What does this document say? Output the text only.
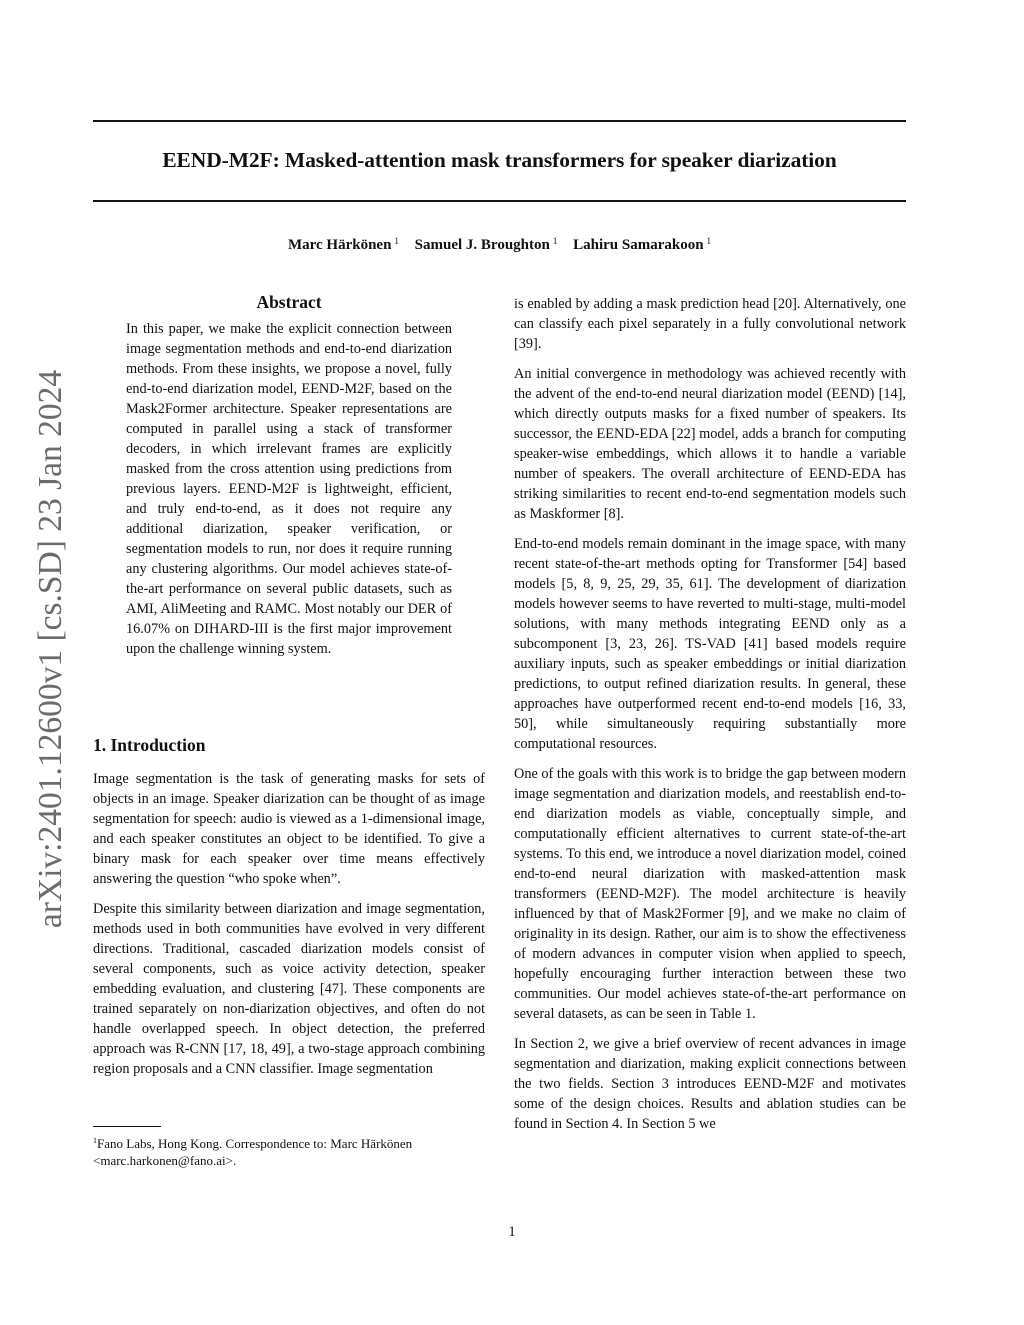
EEND-M2F: Masked-attention mask transformers for speaker diarization
Marc Härkönen $^1$ Samuel J. Broughton $^1$ Lahiru Samarakoon $^1$
arXiv:2401.12600v1 [cs.SD] 23 Jan 2024
Abstract

In this paper, we make the explicit connection between image segmentation methods and end-to-end diarization methods. From these insights, we propose a novel, fully end-to-end diarization model, EEND-M2F, based on the Mask2Former architecture. Speaker representations are computed in parallel using a stack of transformer decoders, in which irrelevant frames are explicitly masked from the cross attention using predictions from previous layers. EEND-M2F is lightweight, efficient, and truly end-to-end, as it does not require any additional diarization, speaker verification, or segmentation models to run, nor does it require running any clustering algorithms. Our model achieves state-of-the-art performance on several public datasets, such as AMI, AliMeeting and RAMC. Most notably our DER of 16.07% on DIHARD-III is the first major improvement upon the challenge winning system.

1. Introduction

Image segmentation is the task of generating masks for sets of objects in an image. Speaker diarization can be thought of as image segmentation for speech: audio is viewed as a 1-dimensional image, and each speaker constitutes an object to be identified. To give a binary mask for each speaker over time means effectively answering the question “who spoke when”.

Despite this similarity between diarization and image segmentation, methods used in both communities have evolved in very different directions. Traditional, cascaded diarization models consist of several components, such as voice activity detection, speaker embedding evaluation, and clustering [47]. These components are trained separately on non-diarization objectives, and often do not handle overlapped speech. In object detection, the preferred approach was R-CNN [17, 18, 49], a two-stage approach combining region proposals and a CNN classifier. Image segmentation

$^1$Fano Labs, Hong Kong. Correspondence to: Marc Härkönen <marc.harkonen@fano.ai>.

is enabled by adding a mask prediction head [20]. Alternatively, one can classify each pixel separately in a fully convolutional network [39].

An initial convergence in methodology was achieved recently with the advent of the end-to-end neural diarization model (EEND) [14], which directly outputs masks for a fixed number of speakers. Its successor, the EEND-EDA [22] model, adds a branch for computing speaker-wise embeddings, which allows it to handle a variable number of speakers. The overall architecture of EEND-EDA has striking similarities to recent end-to-end segmentation models such as Maskformer [8].

End-to-end models remain dominant in the image space, with many recent state-of-the-art methods opting for Transformer [54] based models [5, 8, 9, 25, 29, 35, 61]. The development of diarization models however seems to have reverted to multi-stage, multi-model solutions, with many methods integrating EEND only as a subcomponent [3, 23, 26]. TS-VAD [41] based models require auxiliary inputs, such as speaker embeddings or initial diarization predictions, to output refined diarization results. In general, these approaches have outperformed recent end-to-end models [16, 33, 50], while simultaneously requiring substantially more computational resources.

One of the goals with this work is to bridge the gap between modern image segmentation and diarization models, and reestablish end-to-end diarization models as viable, conceptually simple, and computationally efficient alternatives to current state-of-the-art systems. To this end, we introduce a novel diarization model, coined end-to-end neural diarization with masked-attention mask transformers (EEND-M2F). The model architecture is heavily influenced by that of Mask2Former [9], and we make no claim of originality in its design. Rather, our aim is to show the effectiveness of modern advances in computer vision when applied to speech, hopefully encouraging further interaction between these two communities. Our model achieves state-of-the-art performance on several datasets, as can be seen in Table 1.

In Section 2, we give a brief overview of recent advances in image segmentation and diarization, making explicit connections between the two fields. Section 3 introduces EEND-M2F and motivates some of the design choices. Results and ablation studies can be found in Section 4. In Section 5 we

1
